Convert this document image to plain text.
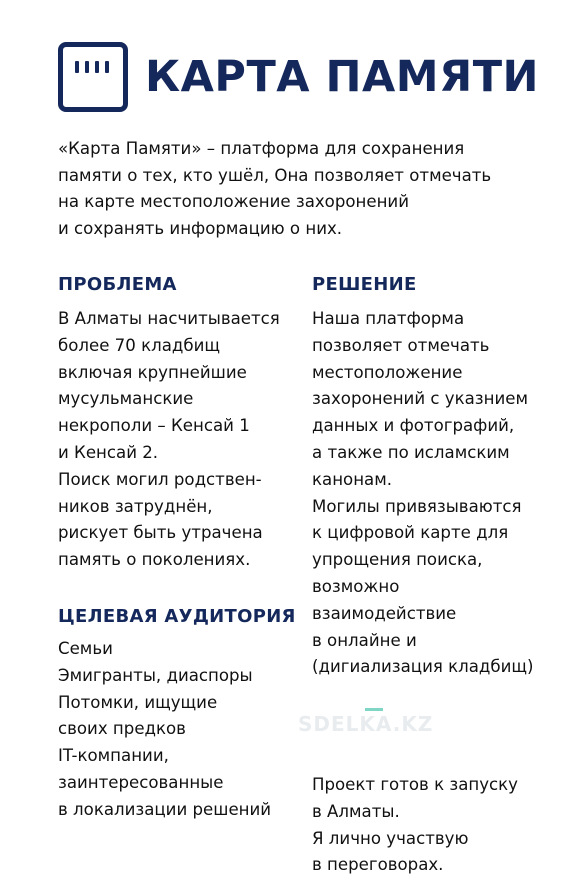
КАРТА ПАМЯТИ
«Карта Памяти» – платформа для сохранения
памяти о тех, кто ушёл, Она позволяет отмечать
на карте местоположение захоронений
и сохранять информацию о них.
ПРОБЛЕМА
В Алматы насчитывается
более 70 кладбищ
включая крупнейшие
мусульманские
некрополи – Кенсай 1
и Кенсай 2.
Поиск могил родствен-
ников затруднён,
рискует быть утрачена
память о поколениях.
ЦЕЛЕВАЯ АУДИТОРИЯ
Семьи
Эмигранты, диаспоры
Потомки, ищущие
своих предков
IT-компании,
заинтересованные
в локализации решений
РЕШЕНИЕ
Наша платформа
позволяет отмечать
местоположение
захоронений с указнием
данных и фотографий,
а также по исламским
канонам.
Могилы привязываются
к цифровой карте для
упрощения поиска,
возможно
взаимодействие
в онлайне и
(дигиализация кладбищ)
SDELKA.KZ
Проект готов к запуску
в Алматы.
Я лично участвую
в переговорах.
